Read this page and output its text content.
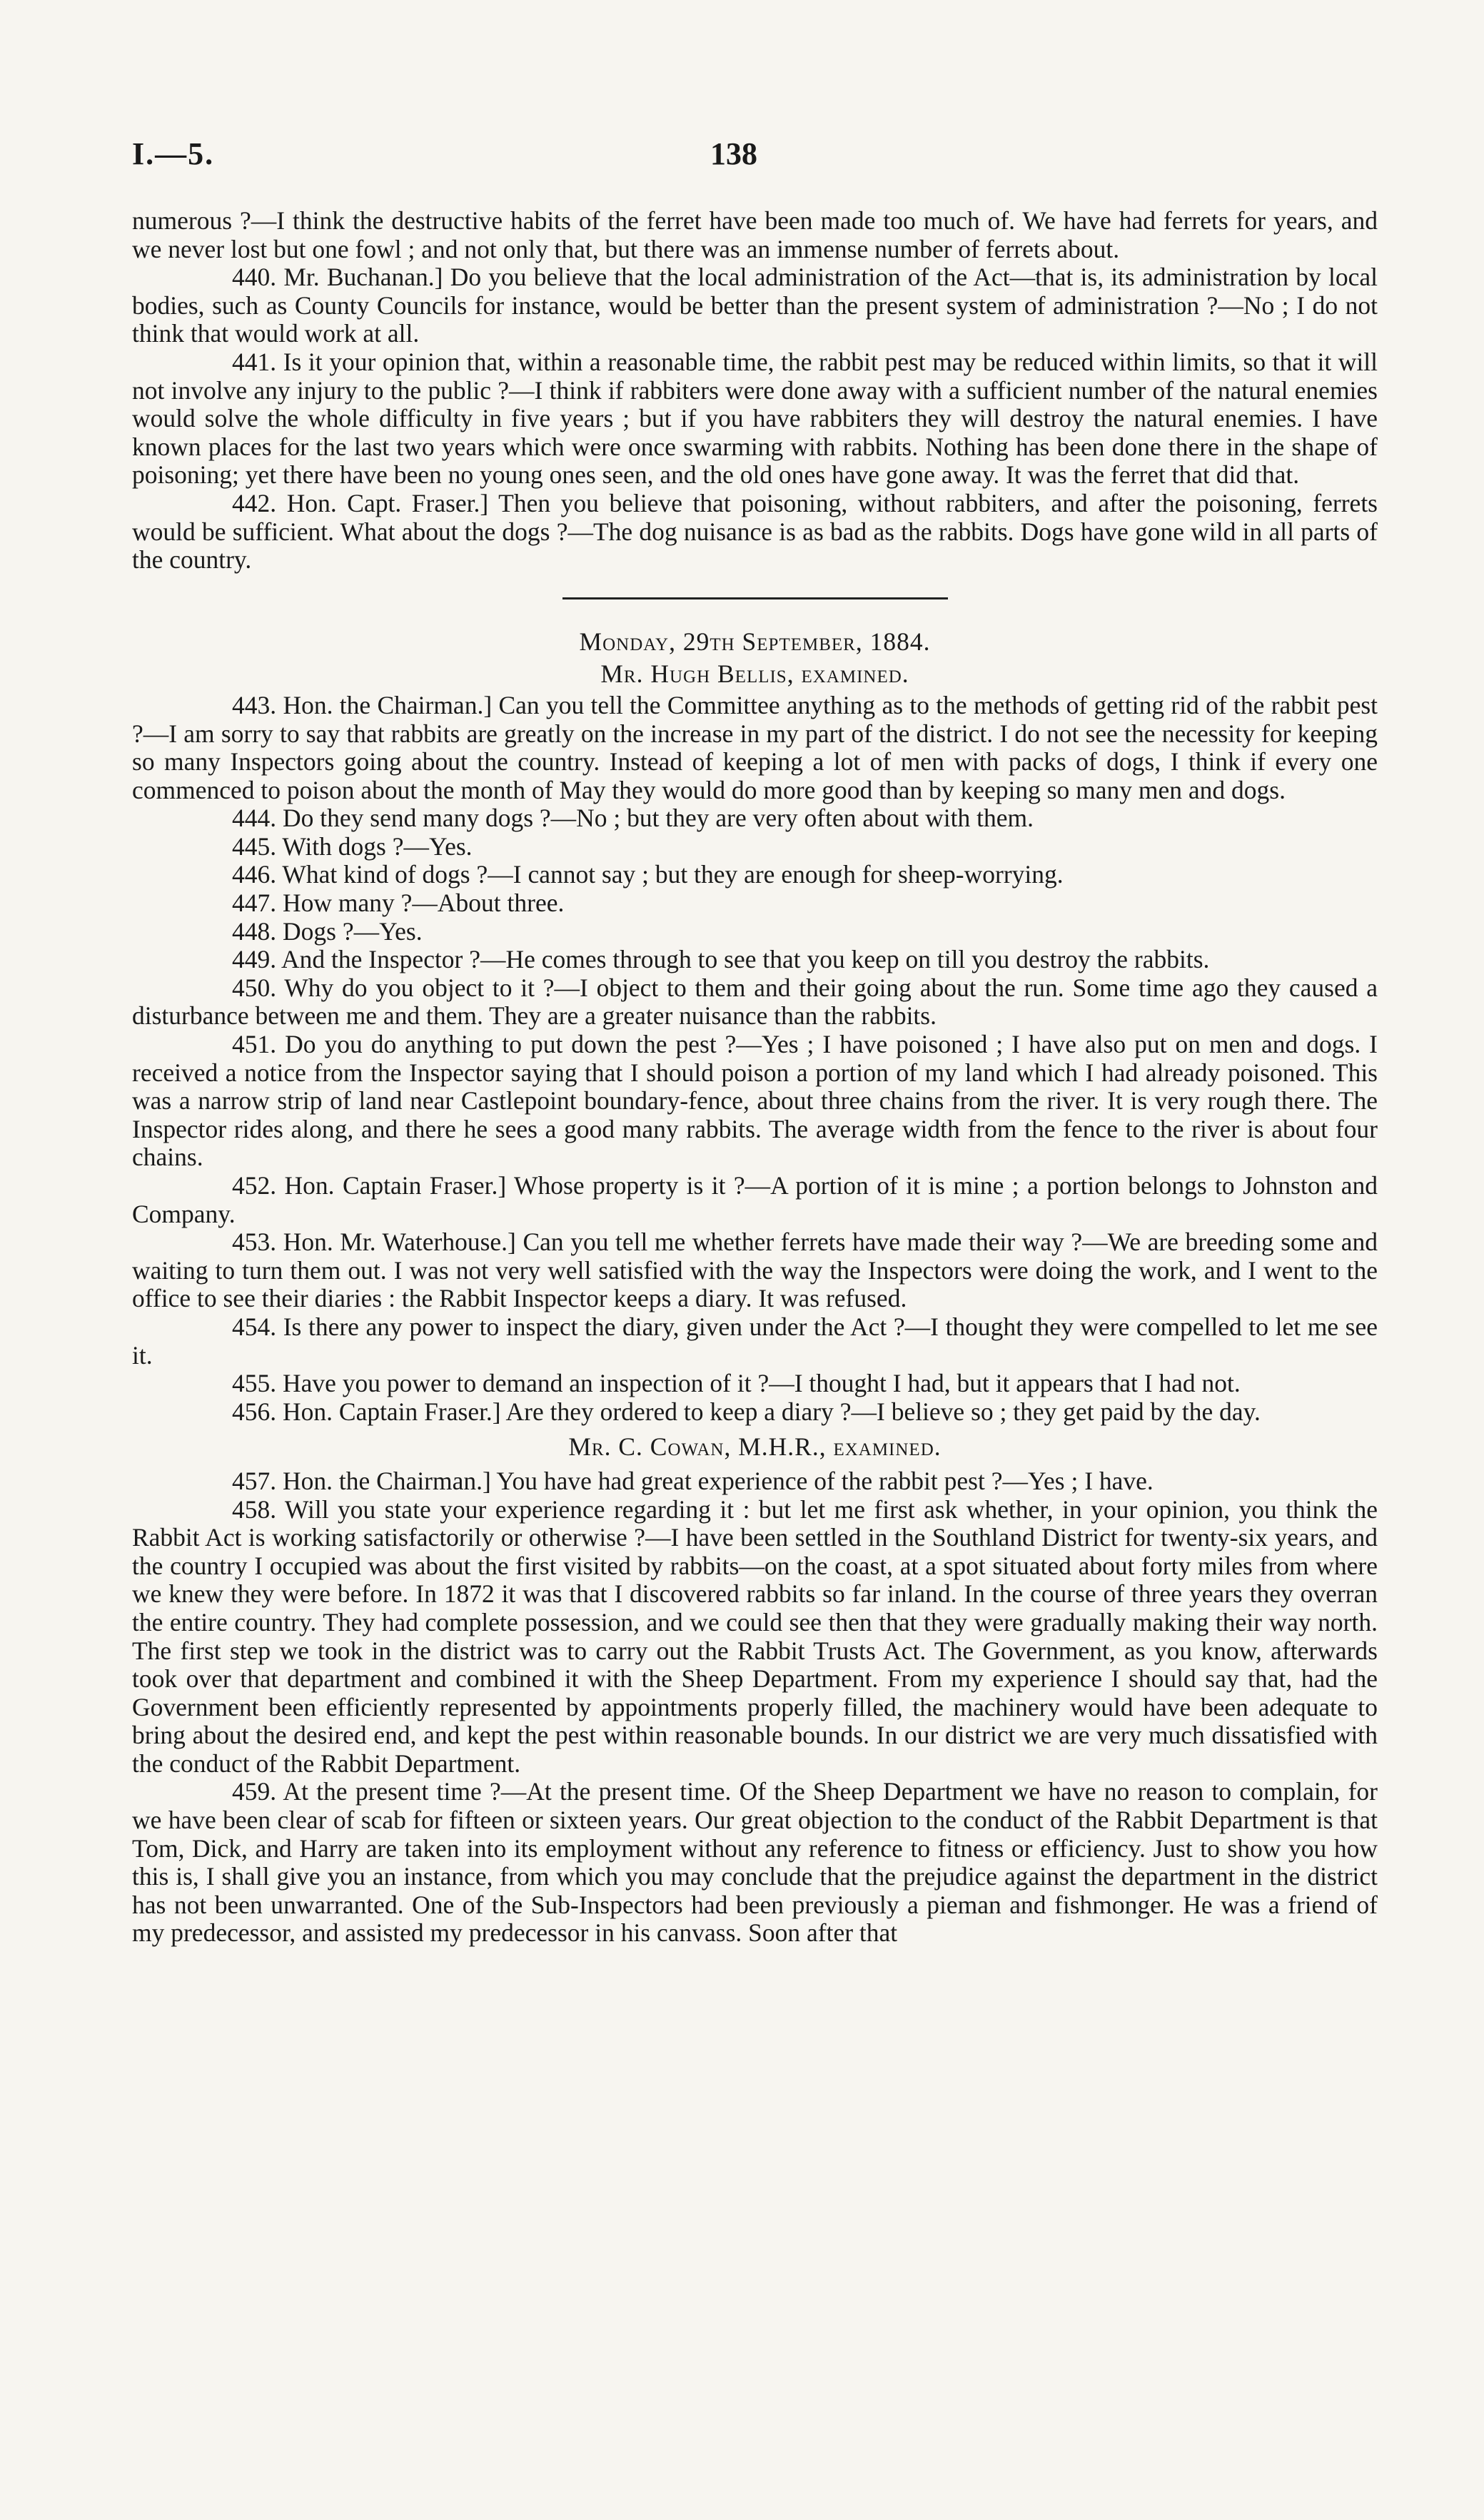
I.—5.	138

numerous ?—I think the destructive habits of the ferret have been made too much of. We have had ferrets for years, and we never lost but one fowl ; and not only that, but there was an immense number of ferrets about.

440. Mr. Buchanan.] Do you believe that the local administration of the Act—that is, its administration by local bodies, such as County Councils for instance, would be better than the present system of administration ?—No ; I do not think that would work at all.

441. Is it your opinion that, within a reasonable time, the rabbit pest may be reduced within limits, so that it will not involve any injury to the public ?—I think if rabbiters were done away with a sufficient number of the natural enemies would solve the whole difficulty in five years ; but if you have rabbiters they will destroy the natural enemies. I have known places for the last two years which were once swarming with rabbits. Nothing has been done there in the shape of poisoning; yet there have been no young ones seen, and the old ones have gone away. It was the ferret that did that.

442. Hon. Capt. Fraser.] Then you believe that poisoning, without rabbiters, and after the poisoning, ferrets would be sufficient. What about the dogs ?—The dog nuisance is as bad as the rabbits. Dogs have gone wild in all parts of the country.

Monday, 29th September, 1884.

Mr. Hugh Bellis, examined.

443. Hon. the Chairman.] Can you tell the Committee anything as to the methods of getting rid of the rabbit pest ?—I am sorry to say that rabbits are greatly on the increase in my part of the district. I do not see the necessity for keeping so many Inspectors going about the country. Instead of keeping a lot of men with packs of dogs, I think if every one commenced to poison about the month of May they would do more good than by keeping so many men and dogs.

444. Do they send many dogs ?—No ; but they are very often about with them.

445. With dogs ?—Yes.

446. What kind of dogs ?—I cannot say ; but they are enough for sheep-worrying.

447. How many ?—About three.

448. Dogs ?—Yes.

449. And the Inspector ?—He comes through to see that you keep on till you destroy the rabbits.

450. Why do you object to it ?—I object to them and their going about the run. Some time ago they caused a disturbance between me and them. They are a greater nuisance than the rabbits.

451. Do you do anything to put down the pest ?—Yes ; I have poisoned ; I have also put on men and dogs. I received a notice from the Inspector saying that I should poison a portion of my land which I had already poisoned. This was a narrow strip of land near Castlepoint boundary-fence, about three chains from the river. It is very rough there. The Inspector rides along, and there he sees a good many rabbits. The average width from the fence to the river is about four chains.

452. Hon. Captain Fraser.] Whose property is it ?—A portion of it is mine ; a portion belongs to Johnston and Company.

453. Hon. Mr. Waterhouse.] Can you tell me whether ferrets have made their way ?—We are breeding some and waiting to turn them out. I was not very well satisfied with the way the Inspectors were doing the work, and I went to the office to see their diaries : the Rabbit Inspector keeps a diary. It was refused.

454. Is there any power to inspect the diary, given under the Act ?—I thought they were compelled to let me see it.

455. Have you power to demand an inspection of it ?—I thought I had, but it appears that I had not.

456. Hon. Captain Fraser.] Are they ordered to keep a diary ?—I believe so ; they get paid by the day.

Mr. C. Cowan, M.H.R., examined.

457. Hon. the Chairman.] You have had great experience of the rabbit pest ?—Yes ; I have.

458. Will you state your experience regarding it : but let me first ask whether, in your opinion, you think the Rabbit Act is working satisfactorily or otherwise ?—I have been settled in the Southland District for twenty-six years, and the country I occupied was about the first visited by rabbits—on the coast, at a spot situated about forty miles from where we knew they were before. In 1872 it was that I discovered rabbits so far inland. In the course of three years they overran the entire country. They had complete possession, and we could see then that they were gradually making their way north. The first step we took in the district was to carry out the Rabbit Trusts Act. The Government, as you know, afterwards took over that department and combined it with the Sheep Department. From my experience I should say that, had the Government been efficiently represented by appointments properly filled, the machinery would have been adequate to bring about the desired end, and kept the pest within reasonable bounds. In our district we are very much dissatisfied with the conduct of the Rabbit Department.

459. At the present time ?—At the present time. Of the Sheep Department we have no reason to complain, for we have been clear of scab for fifteen or sixteen years. Our great objection to the conduct of the Rabbit Department is that Tom, Dick, and Harry are taken into its employment without any reference to fitness or efficiency. Just to show you how this is, I shall give you an instance, from which you may conclude that the prejudice against the department in the district has not been unwarranted. One of the Sub-Inspectors had been previously a pieman and fishmonger. He was a friend of my predecessor, and assisted my predecessor in his canvass. Soon after that
